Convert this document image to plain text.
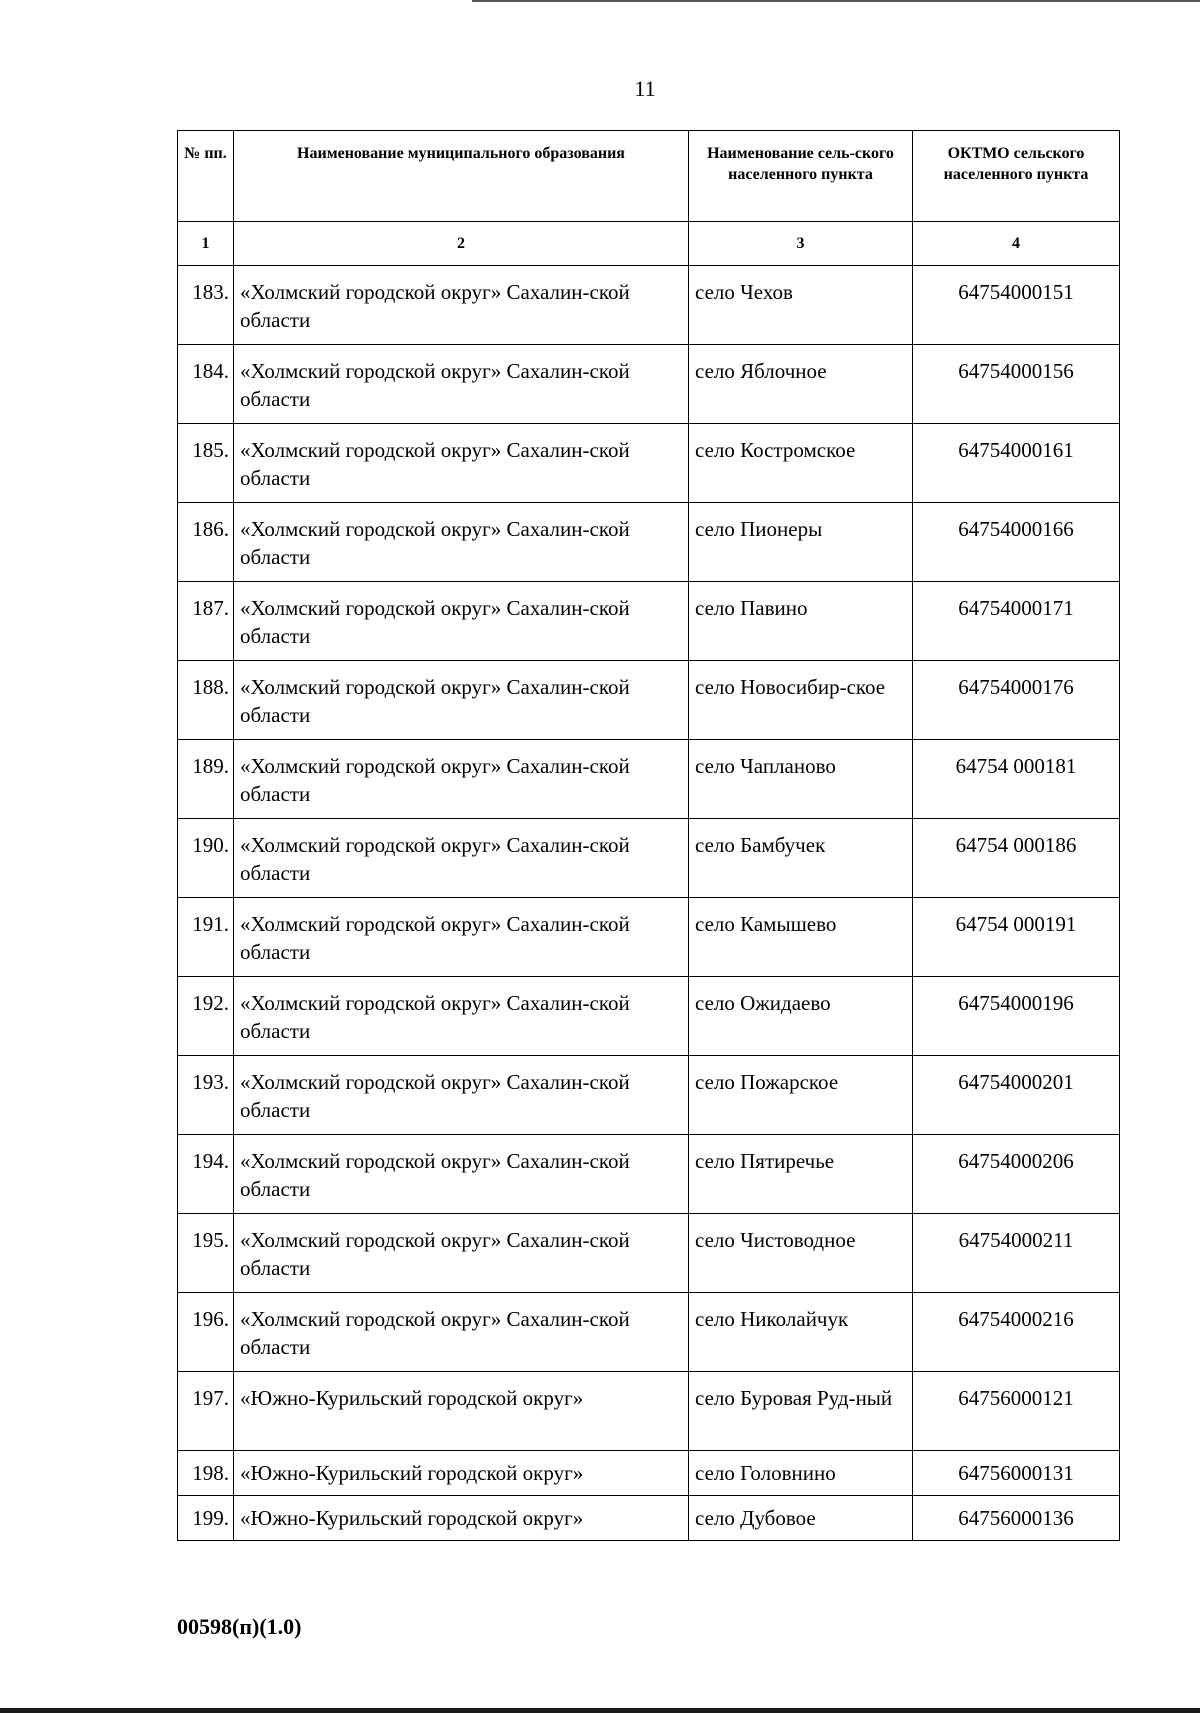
11
№ пп.	Наименование муниципального образования	Наименование сель-ского населенного пункта	ОКТМО сельского населенного пункта
1	2	3	4
183.	«Холмский городской округ» Сахалин-ской области	село Чехов	64754000151
184.	«Холмский городской округ» Сахалин-ской области	село Яблочное	64754000156
185.	«Холмский городской округ» Сахалин-ской области	село Костромское	64754000161
186.	«Холмский городской округ» Сахалин-ской области	село Пионеры	64754000166
187.	«Холмский городской округ» Сахалин-ской области	село Павино	64754000171
188.	«Холмский городской округ» Сахалин-ской области	село Новосибир-ское	64754000176
189.	«Холмский городской округ» Сахалин-ской области	село Чапланово	64754 000181
190.	«Холмский городской округ» Сахалин-ской области	село Бамбучек	64754 000186
191.	«Холмский городской округ» Сахалин-ской области	село Камышево	64754 000191
192.	«Холмский городской округ» Сахалин-ской области	село Ожидаево	64754000196
193.	«Холмский городской округ» Сахалин-ской области	село Пожарское	64754000201
194.	«Холмский городской округ» Сахалин-ской области	село Пятиречье	64754000206
195.	«Холмский городской округ» Сахалин-ской области	село Чистоводное	64754000211
196.	«Холмский городской округ» Сахалин-ской области	село Николайчук	64754000216
197.	«Южно-Курильский городской округ»	село Буровая Руд-ный	64756000121
198.	«Южно-Курильский городской округ»	село Головнино	64756000131
199.	«Южно-Курильский городской округ»	село Дубовое	64756000136
00598(п)(1.0)
